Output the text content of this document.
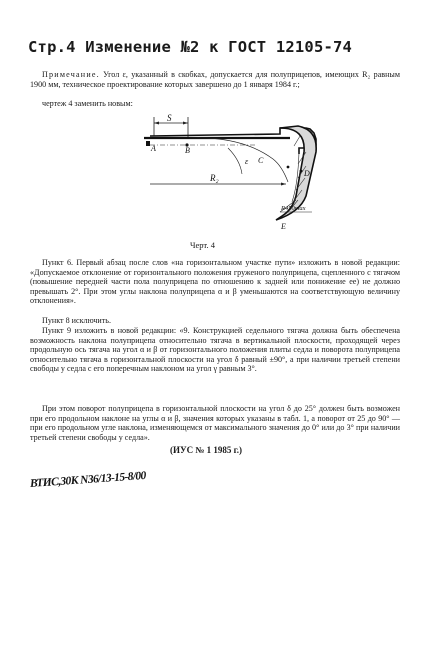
Стр.4 Изменение №2 к ГОСТ 12105-74
Примечание. Угол ε, указанный в скобках, допускается для полуприцепов, имеющих R₂ равным 1900 мм, техническое проектирование которых завершено до 1 января 1984 г.;
чертеж 4 заменить новым:
S
A	B
C
D
E
ε
R₂
R450max
Черт. 4
Пункт 6. Первый абзац после слов «на горизонтальном участке пути» изложить в новой редакции: «Допускаемое отклонение от горизонтального положения груженого полуприцепа, сцепленного с тягачом (повышение передней части пола полуприцепа по отношению к задней или понижение ее) не должно превышать 2°. При этом углы наклона полуприцепа α и β уменьшаются на соответствующую величину отклонения».
Пункт 8 исключить.
Пункт 9 изложить в новой редакции: «9. Конструкцией седельного тягача должна быть обеспечена возможность наклона полуприцепа относительно тягача в вертикальной плоскости, проходящей через продольную ось тягача на угол α и β от горизонтального положения плиты седла и поворота полуприцепа относительно тягача в горизонтальной плоскости на угол δ равный ±90°, а при наличии третьей степени свободы у седла с его поперечным наклоном на угол γ равным 3°.
При этом поворот полуприцепа в горизонтальной плоскости на угол δ до 25° должен быть возможен при его продольном наклоне на углы α и β, значения которых указаны в табл. 1, а поворот от 25 до 90° — при его продольном угле наклона, изменяющемся от максимального значения до 0° или до 3° при наличии третьей степени свободы у седла».
(ИУС № 1 1985 г.)
ВТИС,30К N36/13-15-8/00
